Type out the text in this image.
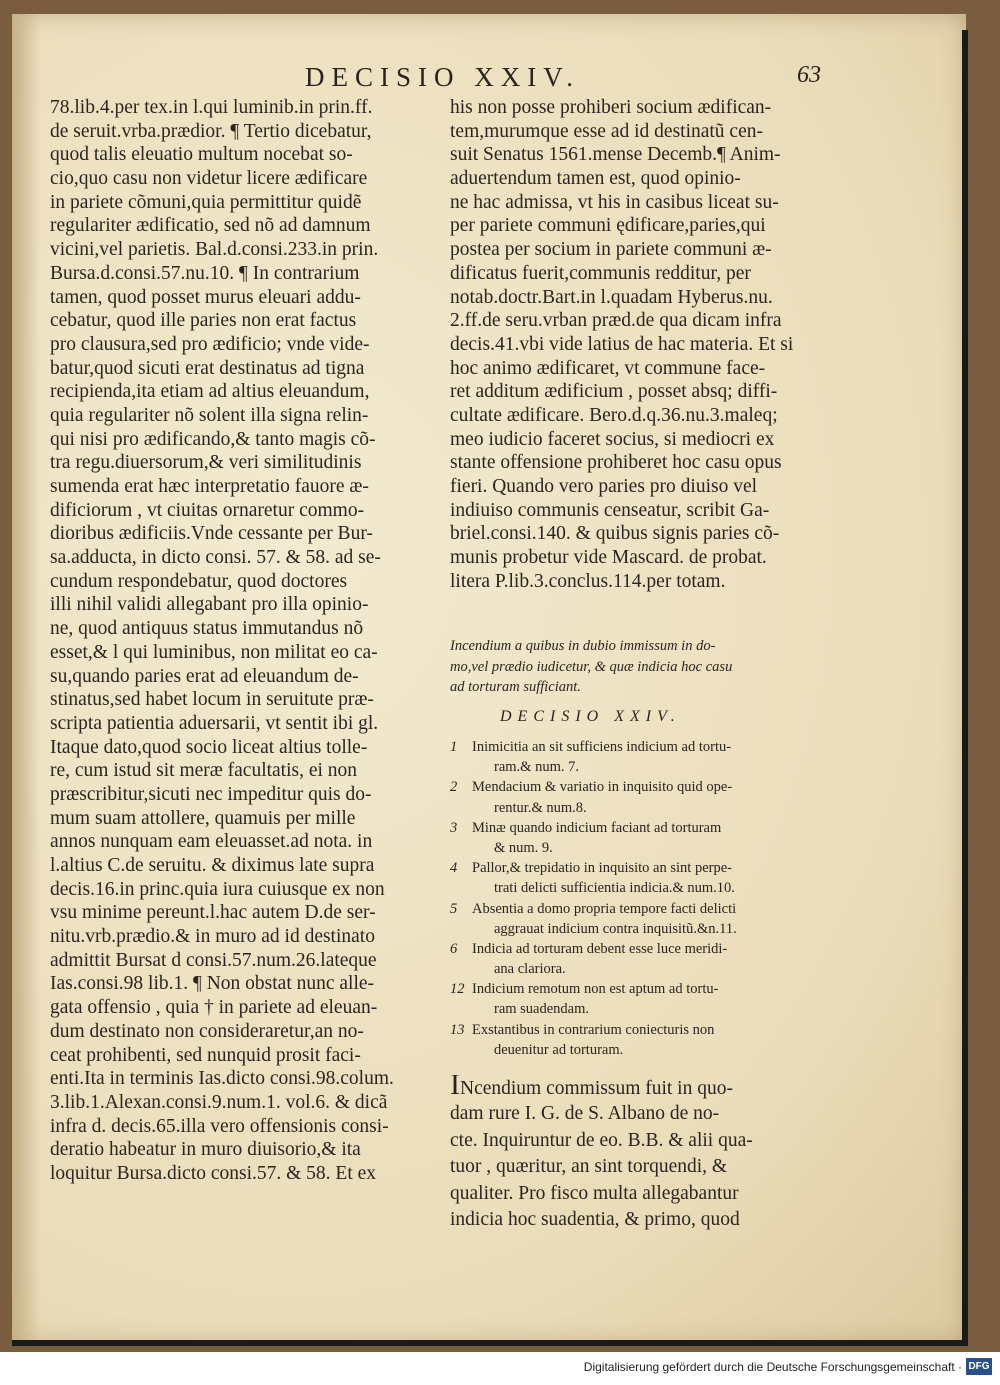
DECISIO XXIV.	63
78.lib.4.per tex.in l.qui luminib.in prin.ff.
de seruit.vrba.prædior. ¶ Tertio dicebatur,
quod talis eleuatio multum nocebat so-
cio,quo casu non videtur licere ædificare
in pariete cõmuni,quia permittitur quidẽ
regulariter ædificatio, sed nõ ad damnum
vicini,vel parietis. Bal.d.consi.233.in prin.
Bursa.d.consi.57.nu.10. ¶ In contrarium
tamen, quod posset murus eleuari addu-
cebatur, quod ille paries non erat factus
pro clausura,sed pro ædificio; vnde vide-
batur,quod sicuti erat destinatus ad tigna
recipienda,ita etiam ad altius eleuandum,
quia regulariter nõ solent illa signa relin-
qui nisi pro ædificando,& tanto magis cõ-
tra regu.diuersorum,& veri similitudinis
sumenda erat hæc interpretatio fauore æ-
dificiorum , vt ciuitas ornaretur commo-
dioribus ædificiis.Vnde cessante per Bur-
sa.adducta, in dicto consi. 57. & 58. ad se-
cundum respondebatur, quod doctores
illi nihil validi allegabant pro illa opinio-
ne, quod antiquus status immutandus nõ
esset,& l qui luminibus, non militat eo ca-
su,quando paries erat ad eleuandum de-
stinatus,sed habet locum in seruitute præ-
scripta patientia aduersarii, vt sentit ibi gl.
Itaque dato,quod socio liceat altius tolle-
re, cum istud sit meræ facultatis, ei non
præscribitur,sicuti nec impeditur quis do-
mum suam attollere, quamuis per mille
annos nunquam eam eleuasset.ad nota. in
l.altius C.de seruitu. & diximus late supra
decis.16.in princ.quia iura cuiusque ex non
vsu minime pereunt.l.hac autem D.de ser-
nitu.vrb.prædio.& in muro ad id destinato
admittit Bursat d consi.57.num.26.lateque
Ias.consi.98 lib.1. ¶ Non obstat nunc alle-
gata offensio , quia † in pariete ad eleuan-
dum destinato non consideraretur,an no-
ceat prohibenti, sed nunquid prosit faci-
enti.Ita in terminis Ias.dicto consi.98.colum.
3.lib.1.Alexan.consi.9.num.1. vol.6. & dicã
infra d. decis.65.illa vero offensionis consi-
deratio habeatur in muro diuisorio,& ita
loquitur Bursa.dicto consi.57. & 58. Et ex
his non posse prohiberi socium ædifican-
tem,murumque esse ad id destinatũ cen-
suit Senatus 1561.mense Decemb.¶ Anim-
aduertendum tamen est, quod opinio-
ne hac admissa, vt his in casibus liceat su-
per pariete communi ędificare,paries,qui
postea per socium in pariete communi æ-
dificatus fuerit,communis redditur, per
notab.doctr.Bart.in l.quadam Hyberus.nu.
2.ff.de seru.vrban præd.de qua dicam infra
decis.41.vbi vide latius de hac materia. Et si
hoc animo ædificaret, vt commune face-
ret additum ædificium , posset absq; diffi-
cultate ædificare. Bero.d.q.36.nu.3.maleq;
meo iudicio faceret socius, si mediocri ex
stante offensione prohiberet hoc casu opus
fieri. Quando vero paries pro diuiso vel
indiuiso communis censeatur, scribit Ga-
briel.consi.140. & quibus signis paries cõ-
munis probetur vide Mascard. de probat.
litera P.lib.3.conclus.114.per totam.
Incendium a quibus in dubio immissum in do-
mo,vel prædio iudicetur, & quæ indicia hoc casu
ad torturam sufficiant.
DECISIO XXIV.
1 Inimicitia an sit sufficiens indicium ad tortu-
ram.& num. 7.
2 Mendacium & variatio in inquisito quid ope-
rentur.& num.8.
3 Minæ quando indicium faciant ad torturam
& num. 9.
4 Pallor,& trepidatio in inquisito an sint perpe-
trati delicti sufficientia indicia.& num.10.
5 Absentia a domo propria tempore facti delicti
aggrauat indicium contra inquisitũ.&n.11.
6 Indicia ad torturam debent esse luce meridi-
ana clariora.
12 Indicium remotum non est aptum ad tortu-
ram suadendam.
13 Exstantibus in contrarium coniecturis non
deuenitur ad torturam.
INcendium commissum fuit in quo-
dam rure I. G. de S. Albano de no-
cte. Inquiruntur de eo. B.B. & alii qua-
tuor , quæritur, an sint torquendi, &
qualiter. Pro fisco multa allegabantur
indicia hoc suadentia, & primo, quod
Digitalisierung gefördert durch die Deutsche Forschungsgemeinschaft · DFG
